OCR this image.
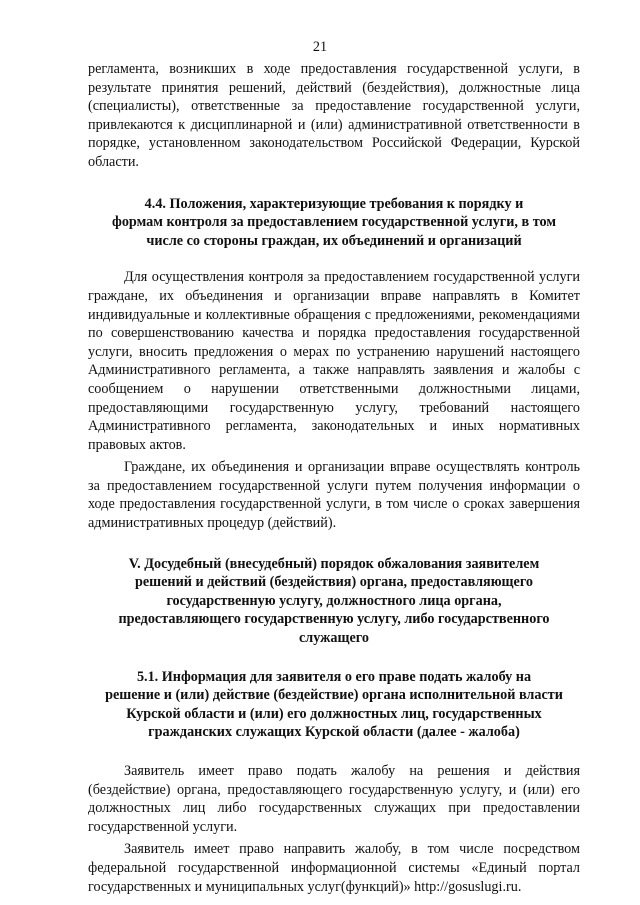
21

регламента, возникших в ходе предоставления государственной услуги, в результате принятия решений, действий (бездействия), должностные лица (специалисты), ответственные за предоставление государственной услуги, привлекаются к дисциплинарной и (или) административной ответственности в порядке, установленном законодательством Российской Федерации, Курской области.

4.4. Положения, характеризующие требования к порядку и
формам контроля за предоставлением государственной услуги, в том
числе со стороны граждан, их объединений и организаций

Для осуществления контроля за предоставлением государственной услуги граждане, их объединения и организации вправе направлять в Комитет индивидуальные и коллективные обращения с предложениями, рекомендациями по совершенствованию качества и порядка предоставления государственной услуги, вносить предложения о мерах по устранению нарушений настоящего Административного регламента, а также направлять заявления и жалобы с сообщением о нарушении ответственными должностными лицами, предоставляющими государственную услугу, требований настоящего Административного регламента, законодательных и иных нормативных правовых актов.

Граждане, их объединения и организации вправе осуществлять контроль за предоставлением государственной услуги путем получения информации о ходе предоставления государственной услуги, в том числе о сроках завершения административных процедур (действий).

V. Досудебный (внесудебный) порядок обжалования заявителем
решений и действий (бездействия) органа, предоставляющего
государственную услугу, должностного лица органа,
предоставляющего государственную услугу, либо государственного
служащего
5.1. Информация для заявителя о его праве подать жалобу на
решение и (или) действие (бездействие) органа исполнительной власти
Курской области и (или) его должностных лиц, государственных
гражданских служащих Курской области (далее - жалоба)

Заявитель имеет право подать жалобу на решения и действия (бездействие) органа, предоставляющего государственную услугу, и (или) его должностных лиц либо государственных служащих при предоставлении государственной услуги.

Заявитель имеет право направить жалобу, в том числе посредством федеральной государственной информационной системы «Единый портал государственных и муниципальных услуг(функций)» http://gosuslugi.ru.
